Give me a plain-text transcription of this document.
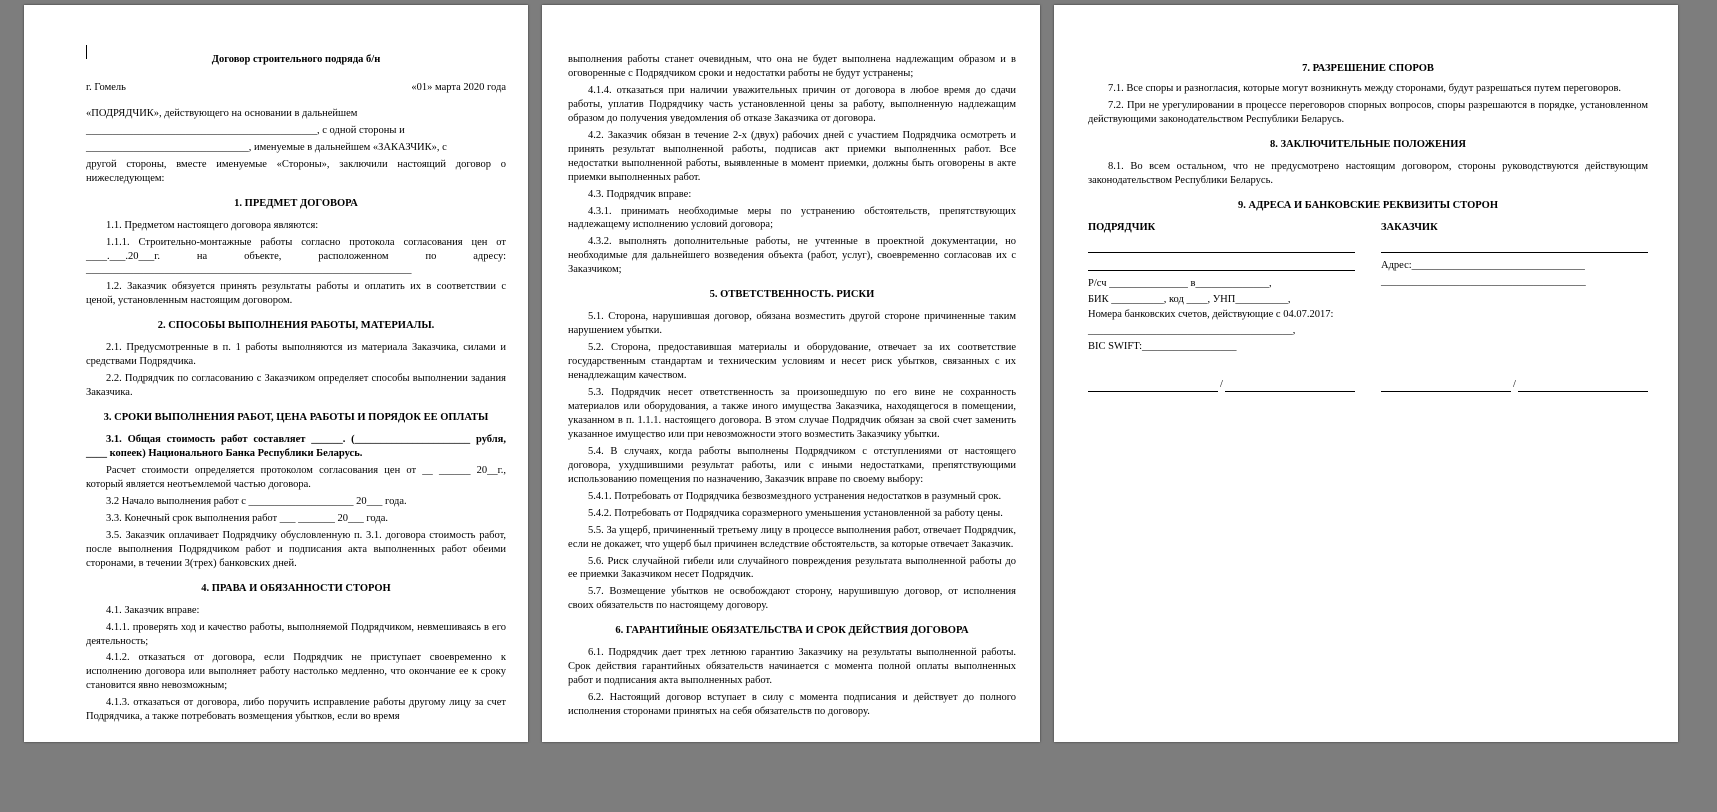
Договор строительного подряда б/н
г. Гомель	«01» марта 2020 года

«ПОДРЯДЧИК», действующего на основании в дальнейшем

____________________________________________, с одной стороны и

_______________________________, именуемые в дальнейшем «ЗАКАЗЧИК», с

другой стороны, вместе именуемые «Стороны», заключили настоящий договор о нижеследующем:

1. ПРЕДМЕТ ДОГОВОРА

1.1. Предметом настоящего договора являются:

1.1.1. Строительно-монтажные работы согласно протокола согласования цен от ____.___.20___г. на объекте, расположенном по адресу: ______________________________________________________________

1.2. Заказчик обязуется принять результаты работы и оплатить их в соответствии с ценой, установленным настоящим договором.

2. СПОСОБЫ ВЫПОЛНЕНИЯ РАБОТЫ, МАТЕРИАЛЫ.

2.1. Предусмотренные в п. 1 работы выполняются из материала Заказчика, силами и средствами Подрядчика.

2.2. Подрядчик по согласованию с Заказчиком определяет способы выполнении задания Заказчика.

3. СРОКИ ВЫПОЛНЕНИЯ РАБОТ, ЦЕНА РАБОТЫ И ПОРЯДОК ЕЕ ОПЛАТЫ

3.1. Общая стоимость работ составляет ______. (______________________ рубля, ____ копеек) Национального Банка Республики Беларусь.

Расчет стоимости определяется протоколом согласования цен от __ ______ 20__г., который является неотъемлемой частью договора.

3.2 Начало выполнения работ с ____________________ 20___ года.

3.3. Конечный срок выполнения работ ___ _______ 20___ года.

3.5. Заказчик оплачивает Подрядчику обусловленную п. 3.1. договора стоимость работ, после выполнения Подрядчиком работ и подписания акта выполненных работ обеими сторонами, в течении 3(трех) банковских дней.

4. ПРАВА И ОБЯЗАННОСТИ СТОРОН

4.1. Заказчик вправе:

4.1.1. проверять ход и качество работы, выполняемой Подрядчиком, невмешиваясь в его деятельность;

4.1.2. отказаться от договора, если Подрядчик не приступает своевременно к исполнению договора или выполняет работу настолько медленно, что окончание ее к сроку становится явно невозможным;

4.1.3. отказаться от договора, либо поручить исправление работы другому лицу за счет Подрядчика, а также потребовать возмещения убытков, если во время

выполнения работы станет очевидным, что она не будет выполнена надлежащим образом и в оговоренные с Подрядчиком сроки и недостатки работы не будут устранены;

4.1.4. отказаться при наличии уважительных причин от договора в любое время до сдачи работы, уплатив Подрядчику часть установленной цены за работу, выполненную надлежащим образом до получения уведомления об отказе Заказчика от договора.

4.2. Заказчик обязан в течение 2-х (двух) рабочих дней с участием Подрядчика осмотреть и принять результат выполненной работы, подписав акт приемки выполненных работ. Все недостатки выполненной работы, выявленные в момент приемки, должны быть оговорены в акте приемки выполненных работ.

4.3. Подрядчик вправе:

4.3.1. принимать необходимые меры по устранению обстоятельств, препятствующих надлежащему исполнению условий договора;

4.3.2. выполнять дополнительные работы, не учтенные в проектной документации, но необходимые для дальнейшего возведения объекта (работ, услуг), своевременно согласовав их с Заказчиком;

5. ОТВЕТСТВЕННОСТЬ. РИСКИ

5.1. Сторона, нарушившая договор, обязана возместить другой стороне причиненные таким нарушением убытки.

5.2. Сторона, предоставившая материалы и оборудование, отвечает за их соответствие государственным стандартам и техническим условиям и несет риск убытков, связанных с их ненадлежащим качеством.

5.3. Подрядчик несет ответственность за произошедшую по его вине не сохранность материалов или оборудования, а также иного имущества Заказчика, находящегося в помещении, указанном в п. 1.1.1. настоящего договора. В этом случае Подрядчик обязан за свой счет заменить указанное имущество или при невозможности этого возместить Заказчику убытки.

5.4. В случаях, когда работы выполнены Подрядчиком с отступлениями от настоящего договора, ухудшившими результат работы, или с иными недостатками, препятствующими использованию помещения по назначению, Заказчик вправе по своему выбору:

5.4.1. Потребовать от Подрядчика безвозмездного устранения недостатков в разумный срок.

5.4.2. Потребовать от Подрядчика соразмерного уменьшения установленной за работу цены.

5.5. За ущерб, причиненный третьему лицу в процессе выполнения работ, отвечает Подрядчик, если не докажет, что ущерб был причинен вследствие обстоятельств, за которые отвечает Заказчик.

5.6. Риск случайной гибели или случайного повреждения результата выполненной работы до ее приемки Заказчиком несет Подрядчик.

5.7. Возмещение убытков не освобождают сторону, нарушившую договор, от исполнения своих обязательств по настоящему договору.

6. ГАРАНТИЙНЫЕ ОБЯЗАТЕЛЬСТВА И СРОК ДЕЙСТВИЯ ДОГОВОРА

6.1. Подрядчик дает трех летнюю гарантию Заказчику на результаты выполненной работы. Срок действия гарантийных обязательств начинается с момента полной оплаты выполненных работ и подписания акта выполненных работ.

6.2. Настоящий договор вступает в силу с момента подписания и действует до полного исполнения сторонами принятых на себя обязательств по договору.

7. РАЗРЕШЕНИЕ СПОРОВ

7.1. Все споры и разногласия, которые могут возникнуть между сторонами, будут разрешаться путем переговоров.

7.2. При не урегулировании в процессе переговоров спорных вопросов, споры разрешаются в порядке, установленном действующими законодательством Республики Беларусь.

8. ЗАКЛЮЧИТЕЛЬНЫЕ ПОЛОЖЕНИЯ

8.1. Во всем остальном, что не предусмотрено настоящим договором, стороны руководствуются действующим законодательством Республики Беларусь.

9. АДРЕСА И БАНКОВСКИЕ РЕКВИЗИТЫ СТОРОН
ПОДРЯДЧИК

Р/сч _______________ в______________,

БИК __________, код ____, УНП__________,

Номера банковских счетов, действующие с 04.07.2017:

_______________________________________,

BIC SWIFT:__________________

ЗАКАЗЧИК

Адрес:_________________________________

_______________________________________

/	/
